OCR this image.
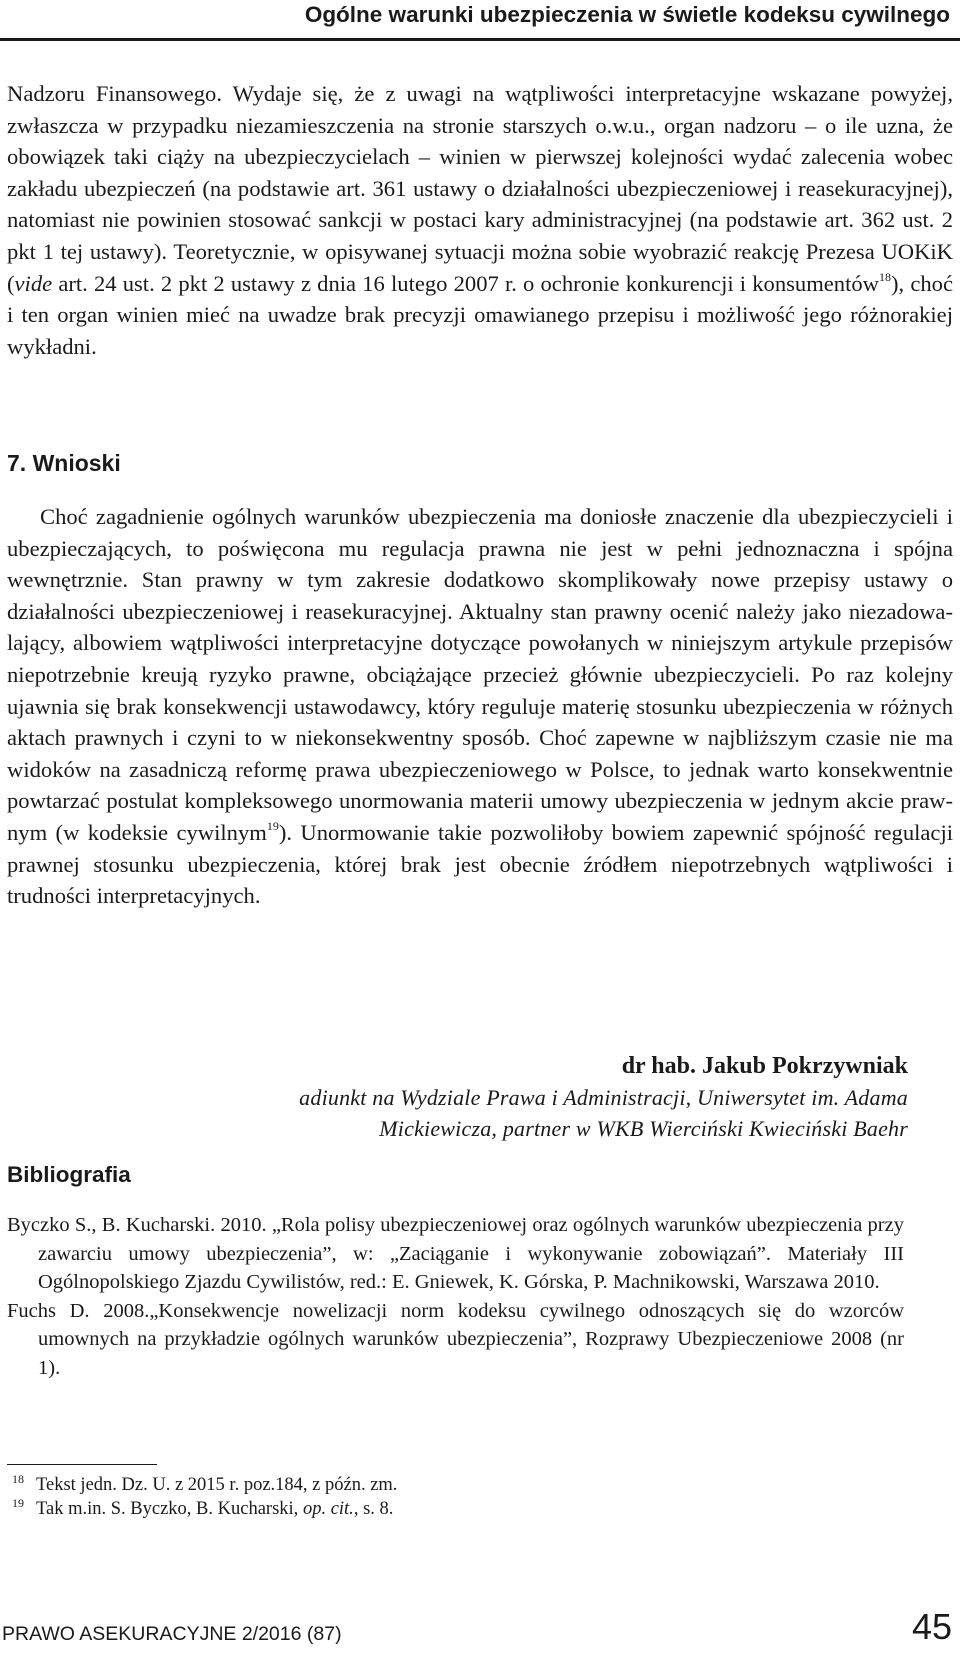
Ogólne warunki ubezpieczenia w świetle kodeksu cywilnego

Nadzoru Finansowego. Wydaje się, że z uwagi na wątpliwości interpretacyjne wskazane powyżej, zwłaszcza w przypadku niezamieszczenia na stronie starszych o.w.u., organ nadzoru – o ile uzna, że obowiązek taki ciąży na ubezpieczycielach – winien w pierwszej kolejności wydać zalecenia wobec zakładu ubezpieczeń (na podstawie art. 361 ustawy o działalności ubezpieczeniowej i reasekuracyjnej), natomiast nie powinien stosować sankcji w postaci kary administracyjnej (na podstawie art. 362 ust. 2 pkt 1 tej ustawy). Teoretycznie, w opisywanej sytuacji można sobie wyobrazić reakcję Prezesa UOKiK (vide art. 24 ust. 2 pkt 2 ustawy z dnia 16 lutego 2007 r. o ochronie konkurencji i konsumentów$^{18}$), choć i ten organ winien mieć na uwadze brak precyzji omawianego przepisu i możliwość jego różnorakiej wykładni.

7. Wnioski

Choć zagadnienie ogólnych warunków ubezpieczenia ma doniosłe znaczenie dla ubezpieczycieli i ubezpieczających, to poświęcona mu regulacja prawna nie jest w pełni jednoznaczna i spójna wewnętrznie. Stan prawny w tym zakresie dodatkowo skomplikowały nowe przepisy ustawy o działalności ubezpieczeniowej i reasekuracyjnej. Aktualny stan prawny ocenić należy jako niezadowalający, albowiem wątpliwości interpretacyjne dotyczące powołanych w niniejszym artykule przepisów niepotrzebnie kreują ryzyko prawne, obciążające przecież głównie ubezpieczycieli. Po raz kolejny ujawnia się brak konsekwencji ustawodawcy, który reguluje materię stosunku ubezpieczenia w różnych aktach prawnych i czyni to w niekonsekwentny sposób. Choć zapewne w najbliższym czasie nie ma widoków na zasadniczą reformę prawa ubezpieczeniowego w Polsce, to jednak warto konsekwentnie powtarzać postulat kompleksowego unormowania materii umowy ubezpieczenia w jednym akcie prawnym (w kodeksie cywilnym$^{19}$). Unormowanie takie pozwoliłoby bowiem zapewnić spójność regulacji prawnej stosunku ubezpieczenia, której brak jest obecnie źródłem niepotrzebnych wątpliwości i trudności interpretacyjnych.

dr hab. Jakub Pokrzywniak
adiunkt na Wydziale Prawa i Administracji, Uniwersytet im. Adama
Mickiewicza, partner w WKB Wierciński Kwieciński Baehr
Bibliografia

Byczko S., B. Kucharski. 2010. „Rola polisy ubezpieczeniowej oraz ogólnych warunków ubezpieczenia przy zawarciu umowy ubezpieczenia”, w: „Zaciąganie i wykonywanie zobowiązań”. Materiały III Ogólnopolskiego Zjazdu Cywilistów, red.: E. Gniewek, K. Górska, P. Machnikowski, Warszawa 2010.

Fuchs D. 2008.„Konsekwencje nowelizacji norm kodeksu cywilnego odnoszących się do wzorców umownych na przykładzie ogólnych warunków ubezpieczenia”, Rozprawy Ubezpieczeniowe 2008 (nr 1).

18 Tekst jedn. Dz. U. z 2015 r. poz.184, z późn. zm.
19 Tak m.in. S. Byczko, B. Kucharski, op. cit., s. 8.
PRAWO ASEKURACYJNE 2/2016 (87)	45
